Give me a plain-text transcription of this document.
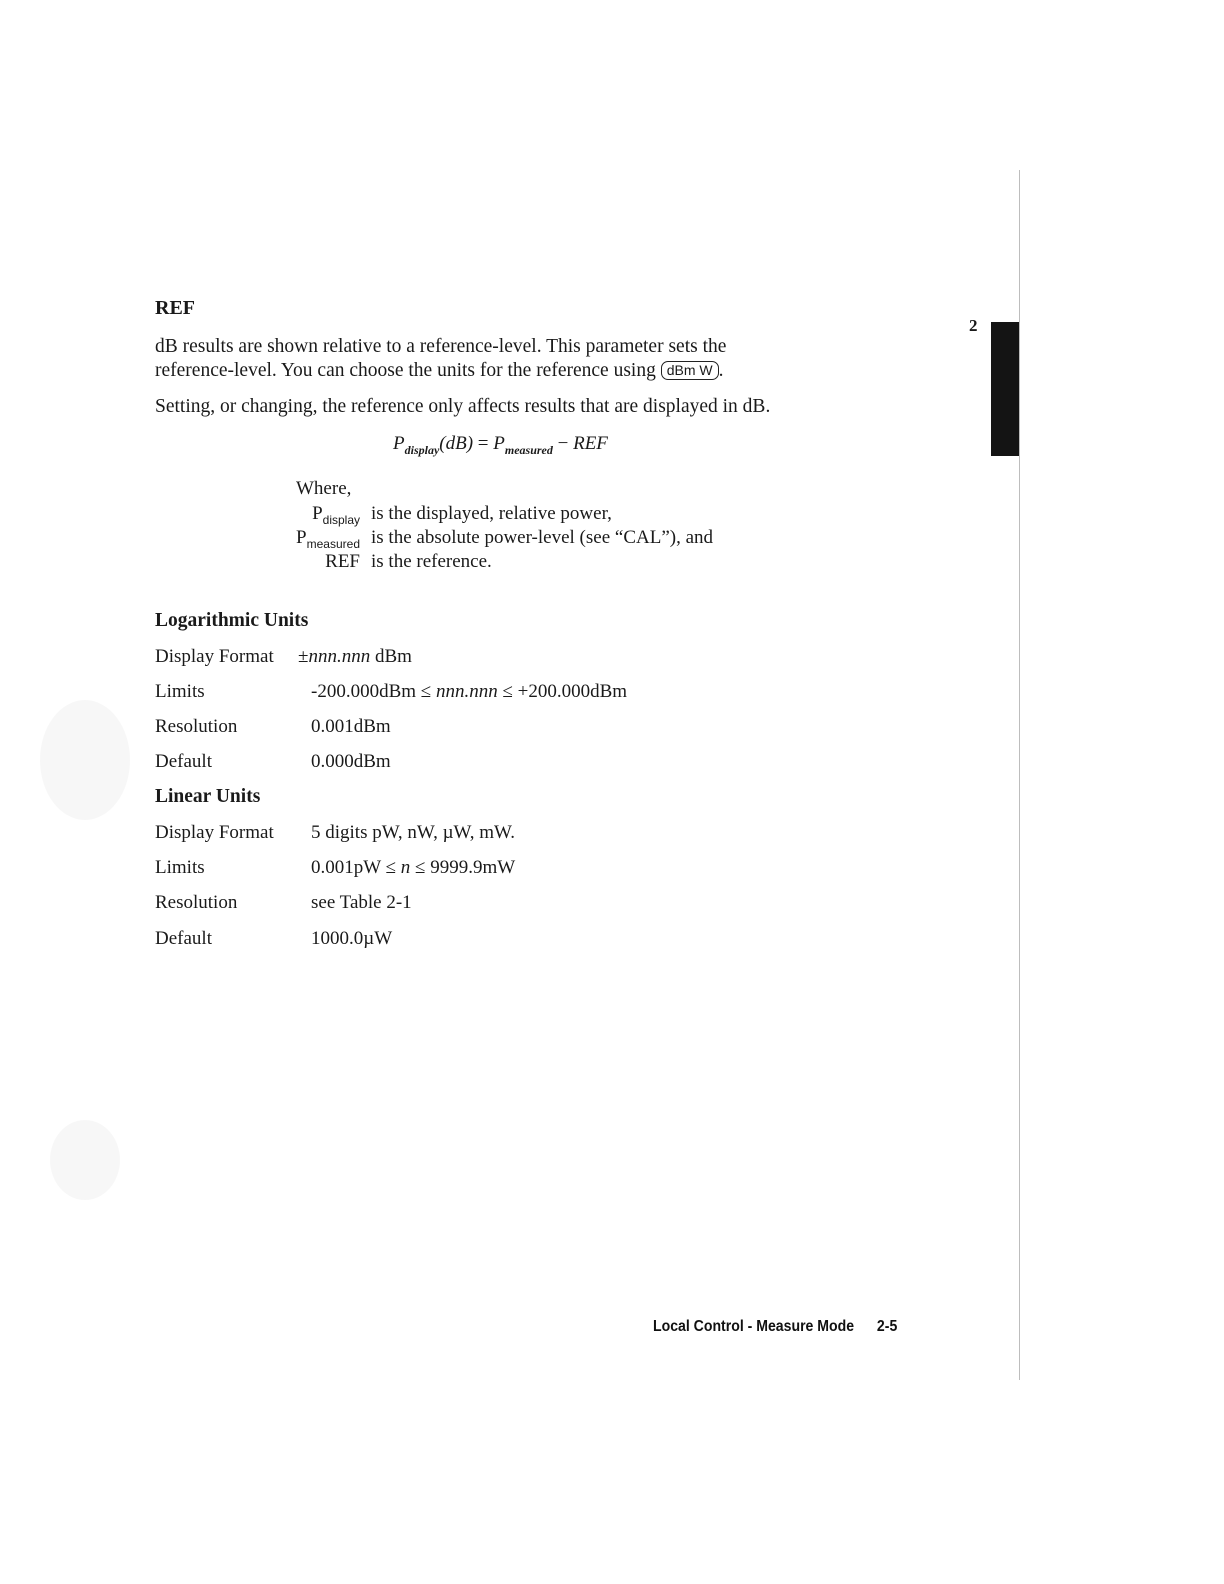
2
REF
dB results are shown relative to a reference-level. This parameter sets the
reference-level. You can choose the units for the reference using dBm W .
Setting, or changing, the reference only affects results that are displayed in dB.
$P_{display}(dB) = P_{measured}$ − REF
Where,
$P_{display}$ is the displayed, relative power,
$P_{measured}$ is the absolute power-level (see “CAL”), and
REF is the reference.
Logarithmic Units
Display Format ±nnn.nnn dBm
Limits	-200.000dBm ≤ nnn.nnn ≤ +200.000dBm
Resolution	0.001dBm
Default	0.000dBm
Linear Units
Display Format 5 digits pW, nW, µW, mW.
Limits	0.001pW ≤ n ≤ 9999.9mW
Resolution	see Table 2-1
Default	1000.0µW
Local Control - Measure Mode 2-5
